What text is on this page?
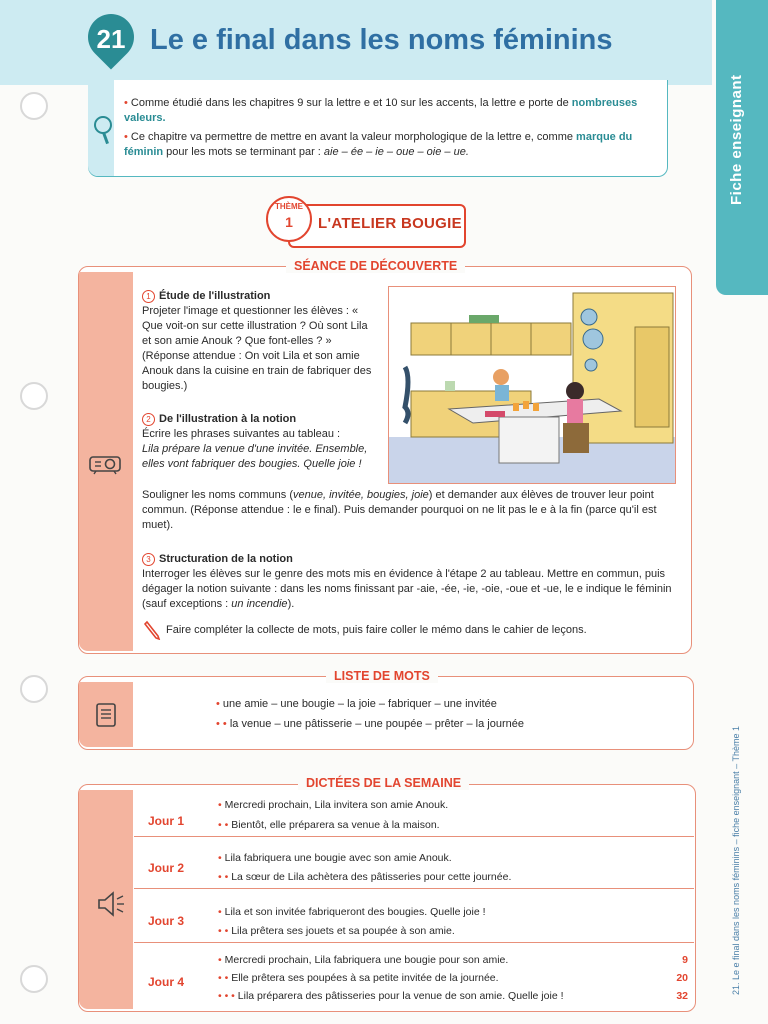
21 Le e final dans les noms féminins
Fiche enseignant
21. Le e final dans les noms féminins – fiche enseignant – Thème 1

• Comme étudié dans les chapitres 9 sur la lettre e et 10 sur les accents, la lettre e porte de nombreuses valeurs.

• Ce chapitre va permettre de mettre en avant la valeur morphologique de la lettre e, comme marque du féminin pour les mots se terminant par : aie – ée – ie – oue – oie – ue.

THÈME
1	L'ATELIER BOUGIE
SÉANCE DE DÉCOUVERTE
1 Étude de l'illustration
Projeter l'image et questionner les élèves : « Que voit-on sur cette illustration ? Où sont Lila et son amie Anouk ? Que font-elles ? » (Réponse attendue : On voit Lila et son amie Anouk dans la cuisine en train de fabriquer des bougies.)
2 De l'illustration à la notion
Écrire les phrases suivantes au tableau :
Lila prépare la venue d'une invitée. Ensemble, elles vont fabriquer des bougies. Quelle joie !
Souligner les noms communs (venue, invitée, bougies, joie) et demander aux élèves de trouver leur point commun. (Réponse attendue : le e final). Puis demander pourquoi on ne lit pas le e à la fin (parce qu'il est muet).
3 Structuration de la notion
Interroger les élèves sur le genre des mots mis en évidence à l'étape 2 au tableau. Mettre en commun, puis dégager la notion suivante : dans les noms finissant par -aie, -ée, -ie, -oie, -oue et -ue, le e indique le féminin (sauf exceptions : un incendie).
Faire compléter la collecte de mots, puis faire coller le mémo dans le cahier de leçons.
LISTE DE MOTS
• une amie – une bougie – la joie – fabriquer – une invitée
• • la venue – une pâtisserie – une poupée – prêter – la journée
DICTÉES DE LA SEMAINE
Jour 1
• Mercredi prochain, Lila invitera son amie Anouk.
• • Bientôt, elle préparera sa venue à la maison.
Jour 2
• Lila fabriquera une bougie avec son amie Anouk.
• • La sœur de Lila achètera des pâtisseries pour cette journée.
Jour 3
• Lila et son invitée fabriqueront des bougies. Quelle joie !
• • Lila prêtera ses jouets et sa poupée à son amie.
Jour 4
• Mercredi prochain, Lila fabriquera une bougie pour son amie.	9
• • Elle prêtera ses poupées à sa petite invitée de la journée.	20
• • • Lila préparera des pâtisseries pour la venue de son amie. Quelle joie !	32
